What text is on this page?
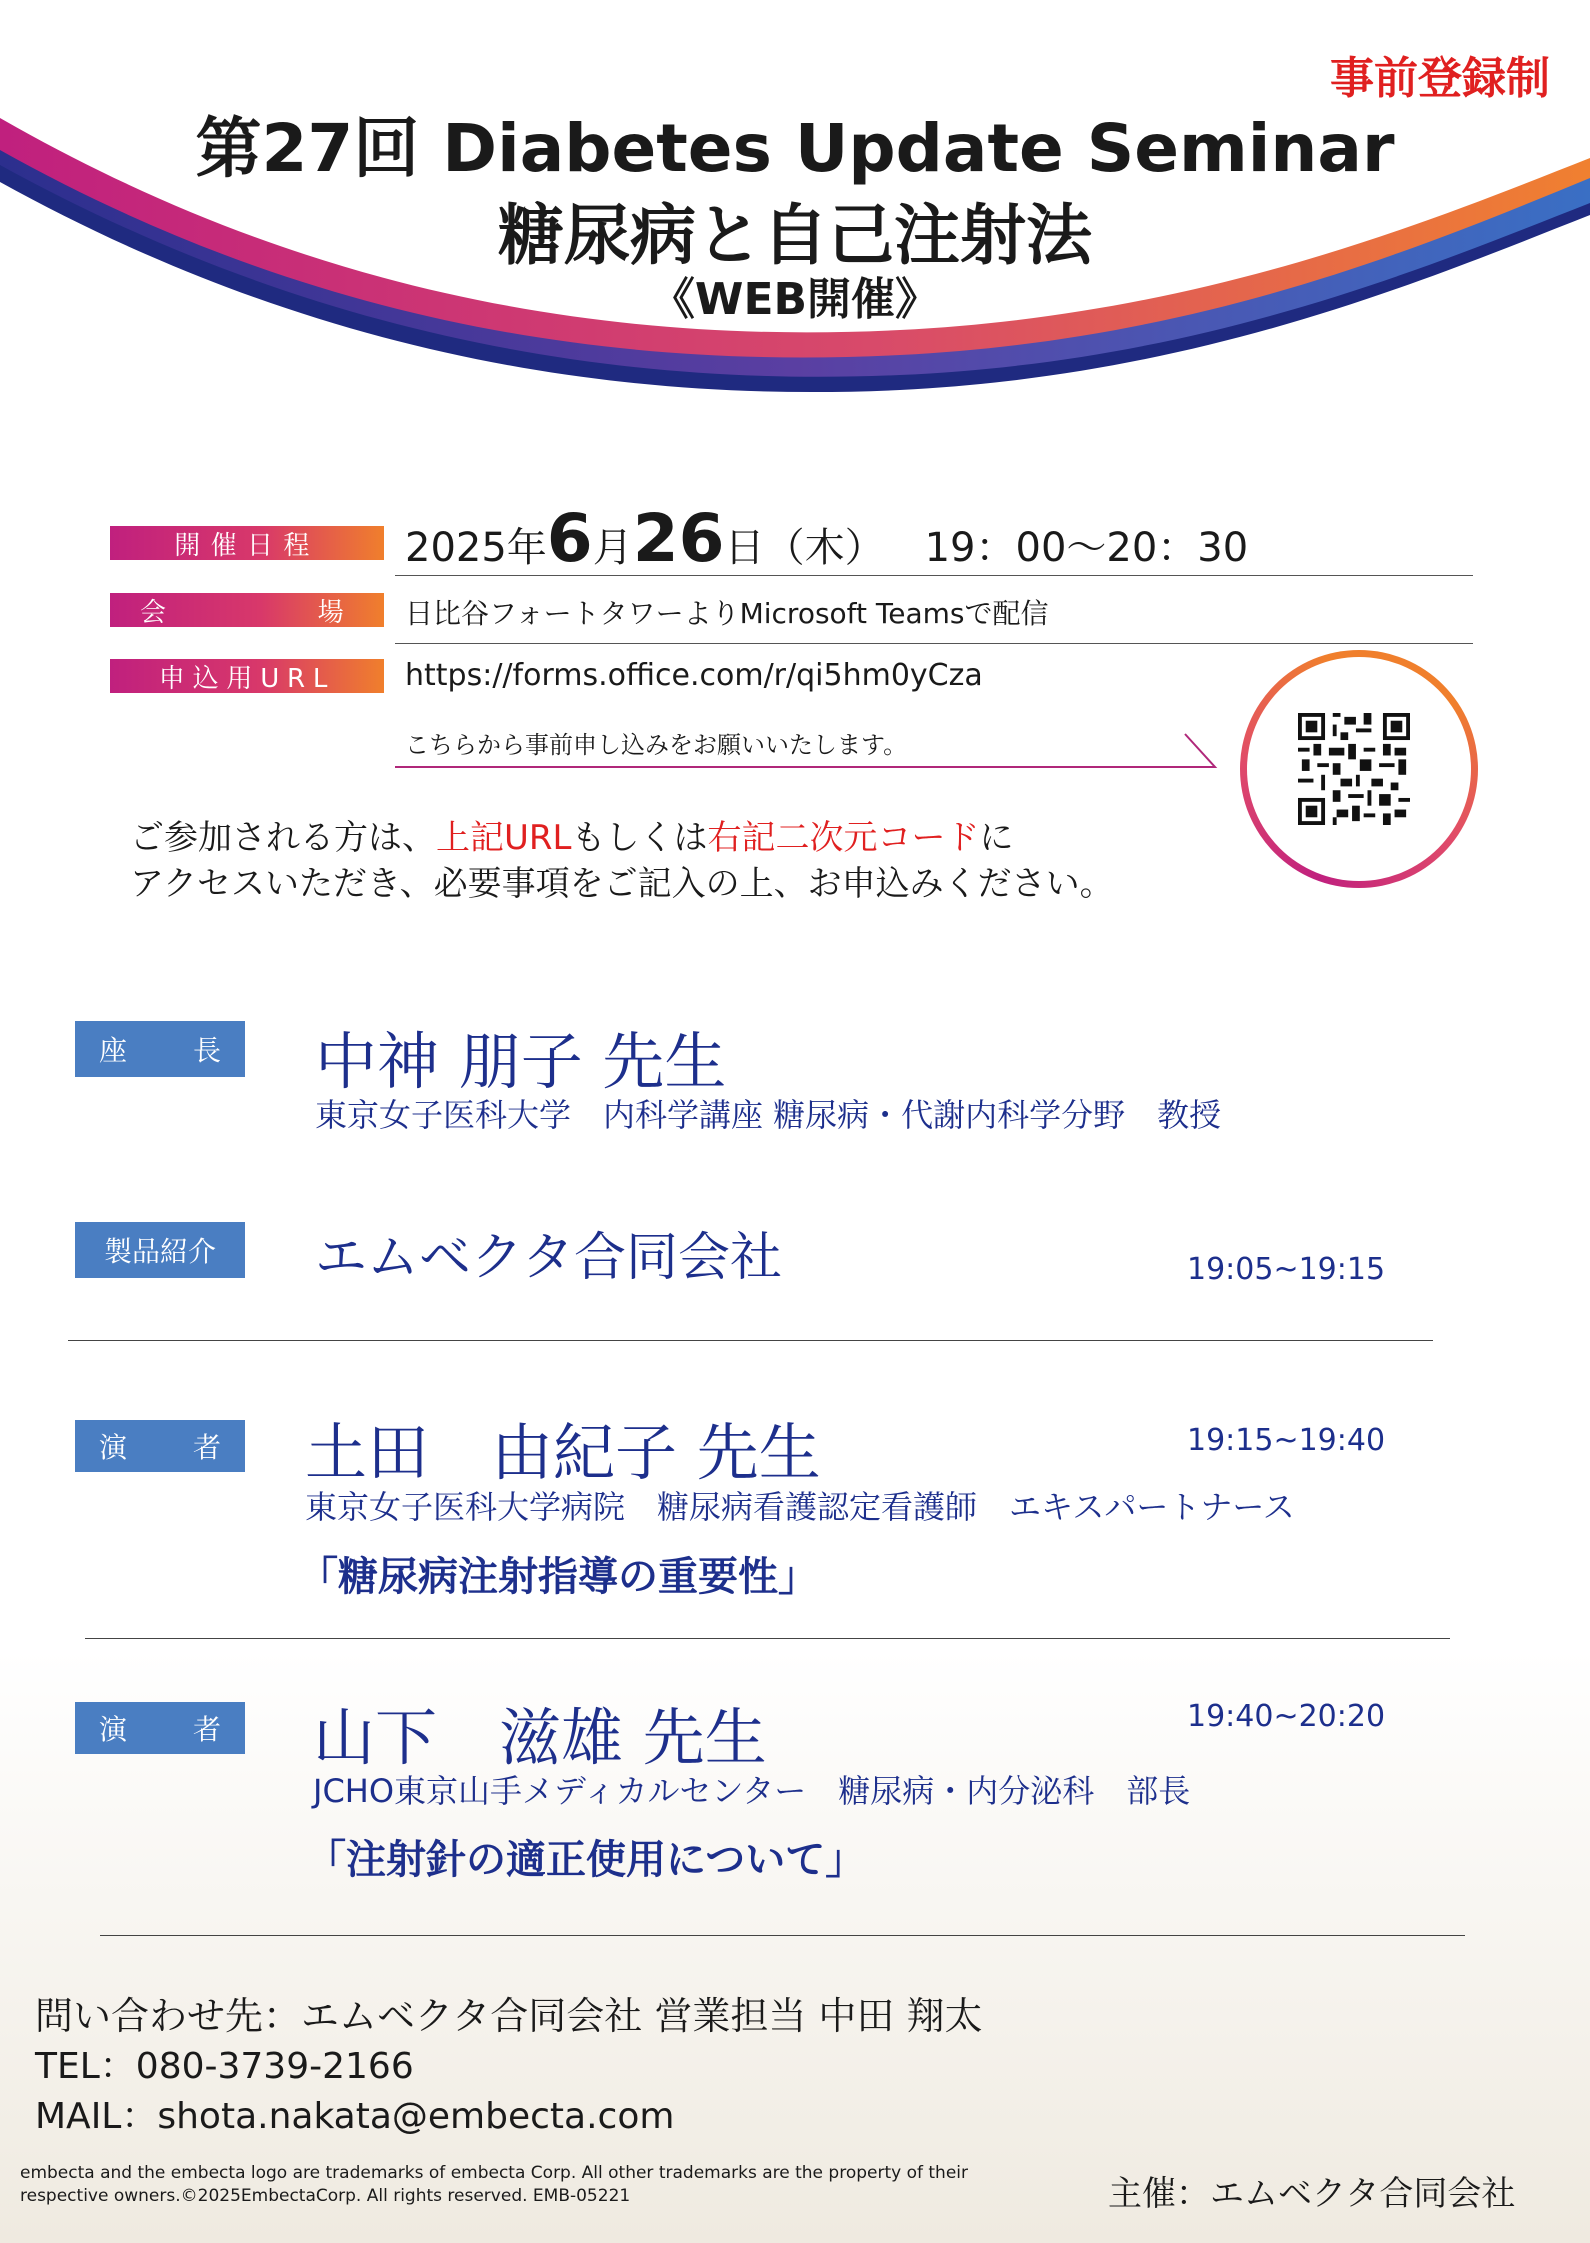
事前登録制
第27回 Diabetes Update Seminar
糖尿病と自己注射法
《WEB開催》
開催日程 2025年6月26日（木） 19：00〜20：30
会	場 日比谷フォートタワーよりMicrosoft Teamsで配信
申込用URL https://forms.office.com/r/qi5hm0yCza
こちらから事前申し込みをお願いいたします。
ご参加される方は、上記URLもしくは右記二次元コードに
アクセスいただき、必要事項をご記入の上、お申込みください。
座 長 中神 朋子 先生
東京女子医科大学　内科学講座 糖尿病・代謝内科学分野　教授
製品紹介	エムベクタ合同会社	19:05~19:15
演 者 土田　由紀子 先生	19:15~19:40
東京女子医科大学病院　糖尿病看護認定看護師　エキスパートナース
「糖尿病注射指導の重要性」
演 者 山下　滋雄 先生	19:40~20:20
JCHO東京山手メディカルセンター　糖尿病・内分泌科　部長
「注射針の適正使用について」
問い合わせ先：エムベクタ合同会社 営業担当 中田 翔太
TEL：080-3739-2166
MAIL：shota.nakata@embecta.com
embecta and the embecta logo are trademarks of embecta Corp. All other trademarks are the property of their
respective owners.©2025EmbectaCorp. All rights reserved. EMB-05221	主催：エムベクタ合同会社
